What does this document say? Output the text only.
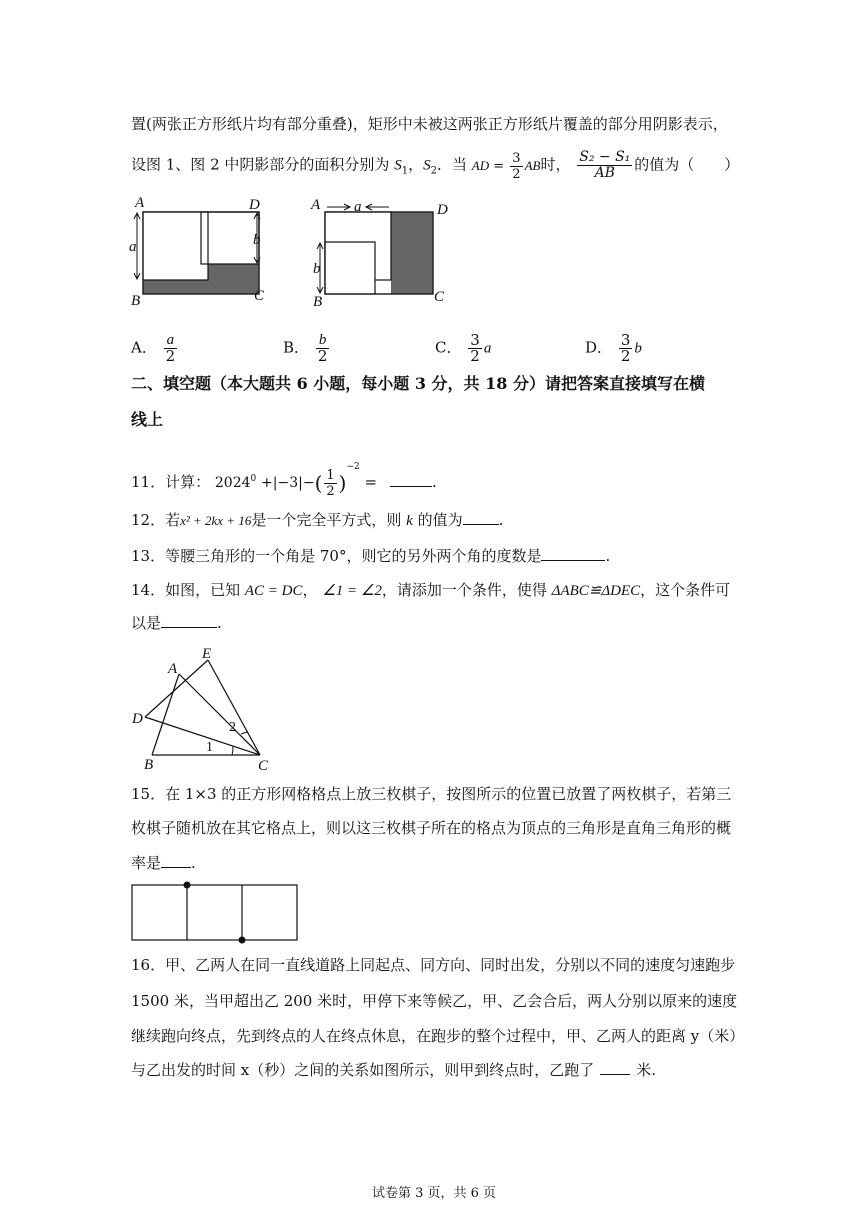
置(两张正方形纸片均有部分重叠)，矩形中未被这两张正方形纸片覆盖的部分用阴影表示，
设图 1、图 2 中阴影部分的面积分别为 $S_1$，$S_2$．当 AD = $\frac{3}{2}$ AB时， $\frac{\text{S₂ − S₁}}{AB}$ 的值为（　　）
A	D
B	C
a	b
A	D
B	C
a
b
A． $\frac{a}{2}$	B． $\frac{b}{2}$	C． $\frac{3}{2}$ a	D． $\frac{3}{2}$ b
二、填空题（本大题共 6 小题，每小题 3 分，共 18 分）请把答案直接填写在横
线上
11．计算： $2024^0 +|-3|-( \frac{1}{2} )^{-2}$ =	.
12．若x² + 2kx + 16是一个完全平方式，则 k 的值为 .
13．等腰三角形的一个角是 70°，则它的另外两个角的度数是	.
14．如图，已知 AC = DC， ∠1 = ∠2，请添加一个条件，使得 ΔABC≌ΔDEC，这个条件可
以是	.
A
E
D
B	C
1
2
15．在 1×3 的正方形网格格点上放三枚棋子，按图所示的位置已放置了两枚棋子，若第三
枚棋子随机放在其它格点上，则以这三枚棋子所在的格点为顶点的三角形是直角三角形的概
率是 .
16．甲、乙两人在同一直线道路上同起点、同方向、同时出发，分别以不同的速度匀速跑步
1500 米，当甲超出乙 200 米时，甲停下来等候乙，甲、乙会合后，两人分别以原来的速度
继续跑向终点，先到终点的人在终点休息，在跑步的整个过程中，甲、乙两人的距离 y（米）
与乙出发的时间 x（秒）之间的关系如图所示，则甲到终点时，乙跑了	米.
试卷第 3 页，共 6 页
